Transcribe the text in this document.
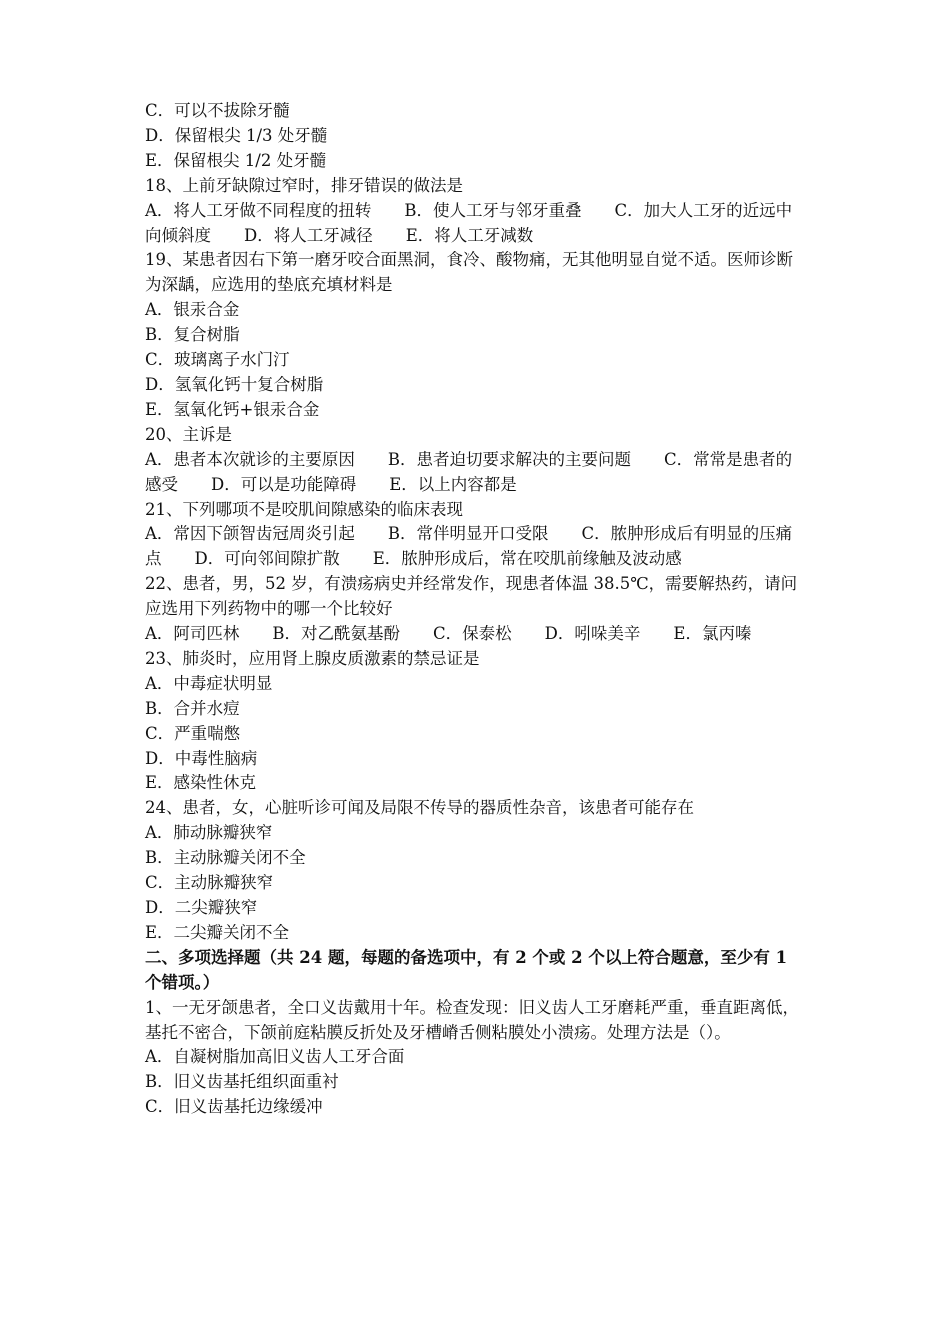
C．可以不拔除牙髓

D．保留根尖 1/3 处牙髓

E．保留根尖 1/2 处牙髓

18、上前牙缺隙过窄时，排牙错误的做法是

A．将人工牙做不同程度的扭转　　B．使人工牙与邻牙重叠　　C．加大人工牙的近远中向倾斜度　　D．将人工牙减径　　E．将人工牙减数

19、某患者因右下第一磨牙咬合面黑洞，食冷、酸物痛，无其他明显自觉不适。医师诊断为深龋，应选用的垫底充填材料是

A．银汞合金

B．复合树脂

C．玻璃离子水门汀

D．氢氧化钙十复合树脂

E．氢氧化钙+银汞合金

20、主诉是

A．患者本次就诊的主要原因　　B．患者迫切要求解决的主要问题　　C．常常是患者的感受　　D．可以是功能障碍　　E．以上内容都是

21、下列哪项不是咬肌间隙感染的临床表现

A．常因下颌智齿冠周炎引起　　B．常伴明显开口受限　　C．脓肿形成后有明显的压痛点　　D．可向邻间隙扩散　　E．脓肿形成后，常在咬肌前缘触及波动感

22、患者，男，52 岁，有溃疡病史并经常发作，现患者体温 38.5℃，需要解热药，请问应选用下列药物中的哪一个比较好

A．阿司匹林　　B．对乙酰氨基酚　　C．保泰松　　D．吲哚美辛　　E．氯丙嗪

23、肺炎时，应用肾上腺皮质激素的禁忌证是

A．中毒症状明显

B．合并水痘

C．严重喘憋

D．中毒性脑病

E．感染性休克

24、患者，女，心脏听诊可闻及局限不传导的器质性杂音，该患者可能存在

A．肺动脉瓣狭窄

B．主动脉瓣关闭不全

C．主动脉瓣狭窄

D．二尖瓣狭窄

E．二尖瓣关闭不全

二、多项选择题（共 24 题，每题的备选项中，有 2 个或 2 个以上符合题意，至少有 1 个错项。）

1、一无牙颌患者，全口义齿戴用十年。检查发现：旧义齿人工牙磨耗严重，垂直距离低，基托不密合，下颌前庭粘膜反折处及牙槽嵴舌侧粘膜处小溃疡。处理方法是（）。

A．自凝树脂加高旧义齿人工牙合面

B．旧义齿基托组织面重衬

C．旧义齿基托边缘缓冲
